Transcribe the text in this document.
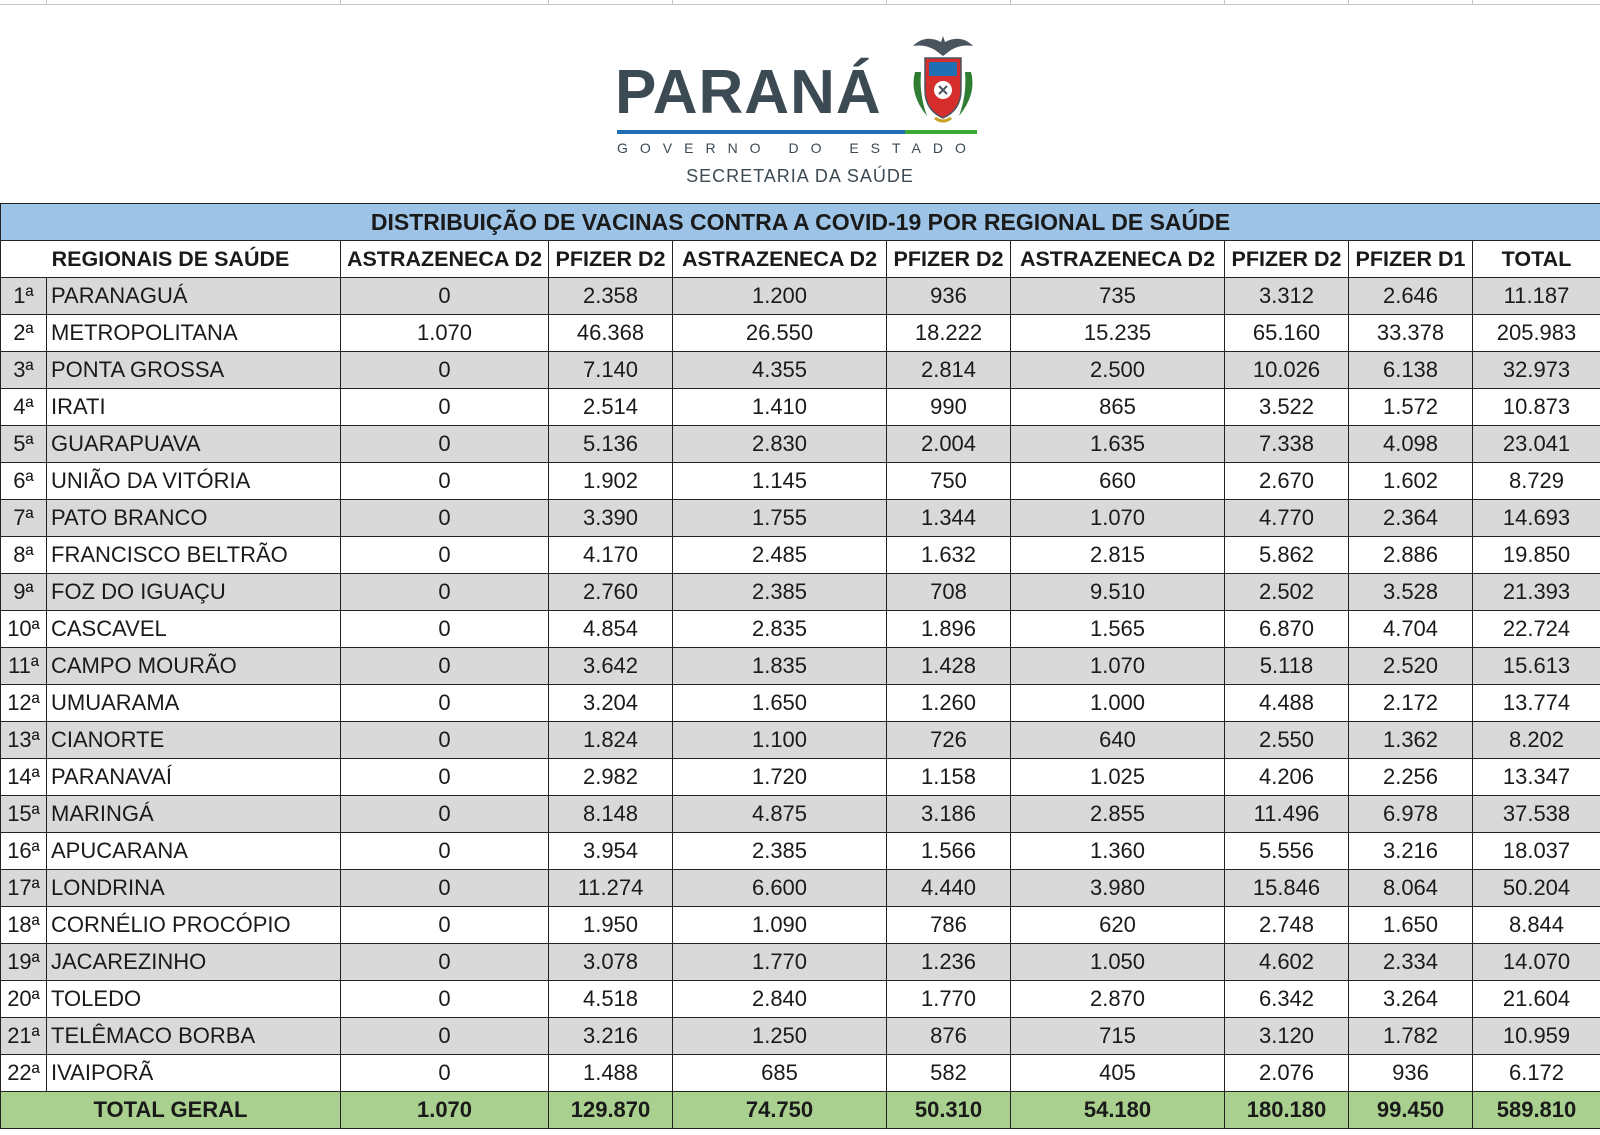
PARANÁ
GOVERNO DO ESTADO
SECRETARIA DA SAÚDE
DISTRIBUIÇÃO DE VACINAS CONTRA A COVID-19 POR REGIONAL DE SAÚDE									
REGIONAIS DE SAÚDE		ASTRAZENECA D2	PFIZER D2	ASTRAZENECA D2	PFIZER D2	ASTRAZENECA D2	PFIZER D2	PFIZER D1	TOTAL
1ª	PARANAGUÁ	0	2.358	1.200	936	735	3.312	2.646	11.187
2ª	METROPOLITANA	1.070	46.368	26.550	18.222	15.235	65.160	33.378	205.983
3ª	PONTA GROSSA	0	7.140	4.355	2.814	2.500	10.026	6.138	32.973
4ª	IRATI	0	2.514	1.410	990	865	3.522	1.572	10.873
5ª	GUARAPUAVA	0	5.136	2.830	2.004	1.635	7.338	4.098	23.041
6ª	UNIÃO DA VITÓRIA	0	1.902	1.145	750	660	2.670	1.602	8.729
7ª	PATO BRANCO	0	3.390	1.755	1.344	1.070	4.770	2.364	14.693
8ª	FRANCISCO BELTRÃO	0	4.170	2.485	1.632	2.815	5.862	2.886	19.850
9ª	FOZ DO IGUAÇU	0	2.760	2.385	708	9.510	2.502	3.528	21.393
10ª	CASCAVEL	0	4.854	2.835	1.896	1.565	6.870	4.704	22.724
11ª	CAMPO MOURÃO	0	3.642	1.835	1.428	1.070	5.118	2.520	15.613
12ª	UMUARAMA	0	3.204	1.650	1.260	1.000	4.488	2.172	13.774
13ª	CIANORTE	0	1.824	1.100	726	640	2.550	1.362	8.202
14ª	PARANAVAÍ	0	2.982	1.720	1.158	1.025	4.206	2.256	13.347
15ª	MARINGÁ	0	8.148	4.875	3.186	2.855	11.496	6.978	37.538
16ª	APUCARANA	0	3.954	2.385	1.566	1.360	5.556	3.216	18.037
17ª	LONDRINA	0	11.274	6.600	4.440	3.980	15.846	8.064	50.204
18ª	CORNÉLIO PROCÓPIO	0	1.950	1.090	786	620	2.748	1.650	8.844
19ª	JACAREZINHO	0	3.078	1.770	1.236	1.050	4.602	2.334	14.070
20ª	TOLEDO	0	4.518	2.840	1.770	2.870	6.342	3.264	21.604
21ª	TELÊMACO BORBA	0	3.216	1.250	876	715	3.120	1.782	10.959
22ª	IVAIPORÃ	0	1.488	685	582	405	2.076	936	6.172
TOTAL GERAL		1.070	129.870	74.750	50.310	54.180	180.180	99.450	589.810
